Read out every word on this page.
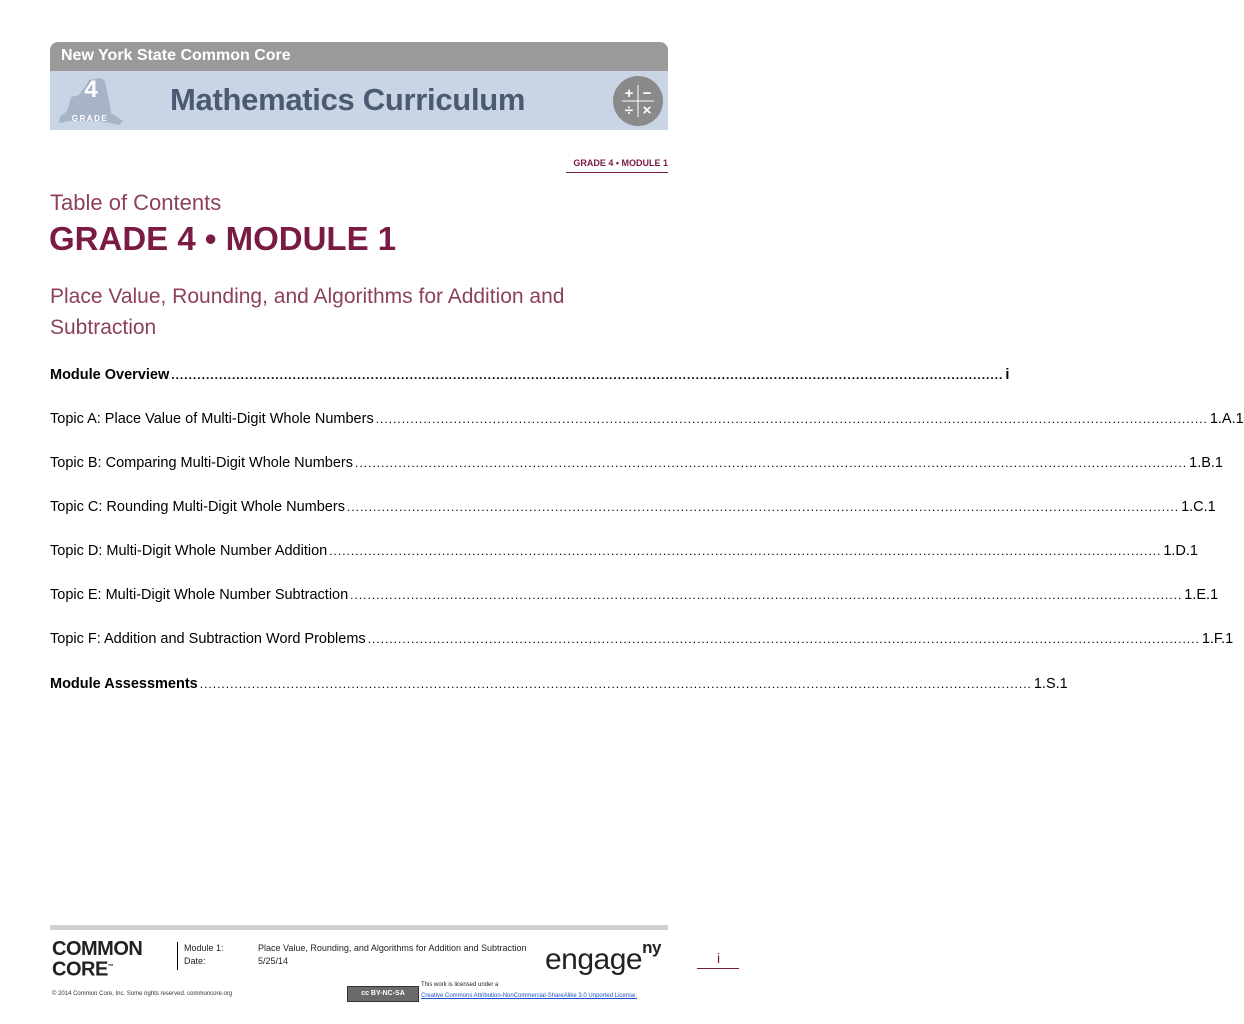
New York State Common Core
4
GRADE
Mathematics Curriculum	+ −
÷ ×
GRADE 4 • MODULE 1
Table of Contents
GRADE 4 • MODULE 1
Place Value, Rounding, and Algorithms for Addition and
Subtraction
Module Overview ................................................................................................................................................................................................ i
Topic A: Place Value of Multi-Digit Whole Numbers ................................................................................................................................................................................................ 1.A.1
Topic B: Comparing Multi-Digit Whole Numbers ................................................................................................................................................................................................ 1.B.1
Topic C: Rounding Multi-Digit Whole Numbers ................................................................................................................................................................................................ 1.C.1
Topic D: Multi-Digit Whole Number Addition ................................................................................................................................................................................................ 1.D.1
Topic E: Multi-Digit Whole Number Subtraction ................................................................................................................................................................................................ 1.E.1
Topic F: Addition and Subtraction Word Problems ................................................................................................................................................................................................ 1.F.1
Module Assessments ................................................................................................................................................................................................ 1.S.1
COMMON
CORE™
Module 1:	Place Value, Rounding, and Algorithms for Addition and Subtraction
Date:	5/25/14	engage$^{ny}$
i
© 2014 Common Core, Inc. Some rights reserved. commoncore.org	cc BY-NC-SA
This work is licensed under a
Creative Commons Attribution-NonCommercial-ShareAlike 3.0 Unported License.
